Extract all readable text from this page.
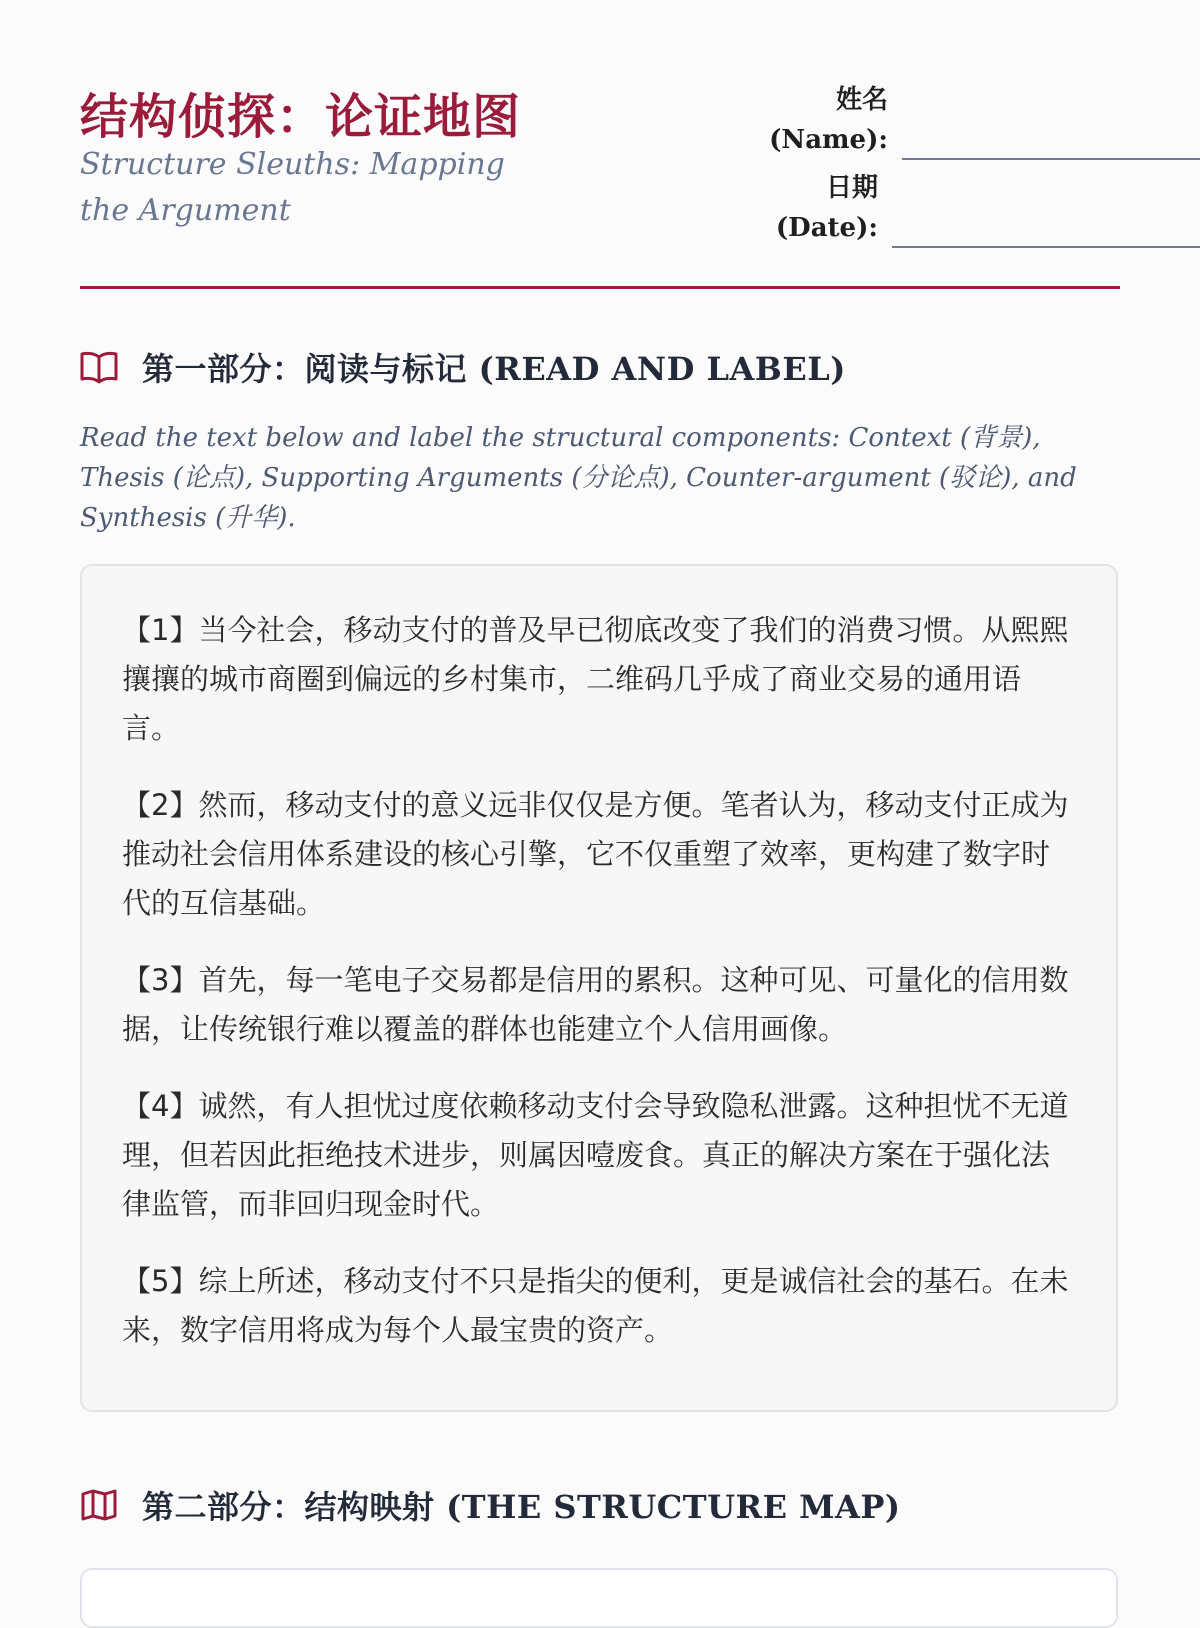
结构侦探：论证地图
Structure Sleuths: Mapping the Argument
姓名
(Name):
日期
(Date):
第一部分：阅读与标记 (READ AND LABEL)
Read the text below and label the structural components: Context (背景), Thesis (论点), Supporting Arguments (分论点), Counter-argument (驳论), and Synthesis (升华).

【1】当今社会，移动支付的普及早已彻底改变了我们的消费习惯。从熙熙攘攘的城市商圈到偏远的乡村集市，二维码几乎成了商业交易的通用语言。

【2】然而，移动支付的意义远非仅仅是方便。笔者认为，移动支付正成为推动社会信用体系建设的核心引擎，它不仅重塑了效率，更构建了数字时代的互信基础。

【3】首先，每一笔电子交易都是信用的累积。这种可见、可量化的信用数据，让传统银行难以覆盖的群体也能建立个人信用画像。

【4】诚然，有人担忧过度依赖移动支付会导致隐私泄露。这种担忧不无道理，但若因此拒绝技术进步，则属因噎废食。真正的解决方案在于强化法律监管，而非回归现金时代。

【5】综上所述，移动支付不只是指尖的便利，更是诚信社会的基石。在未来，数字信用将成为每个人最宝贵的资产。

第二部分：结构映射 (THE STRUCTURE MAP)
